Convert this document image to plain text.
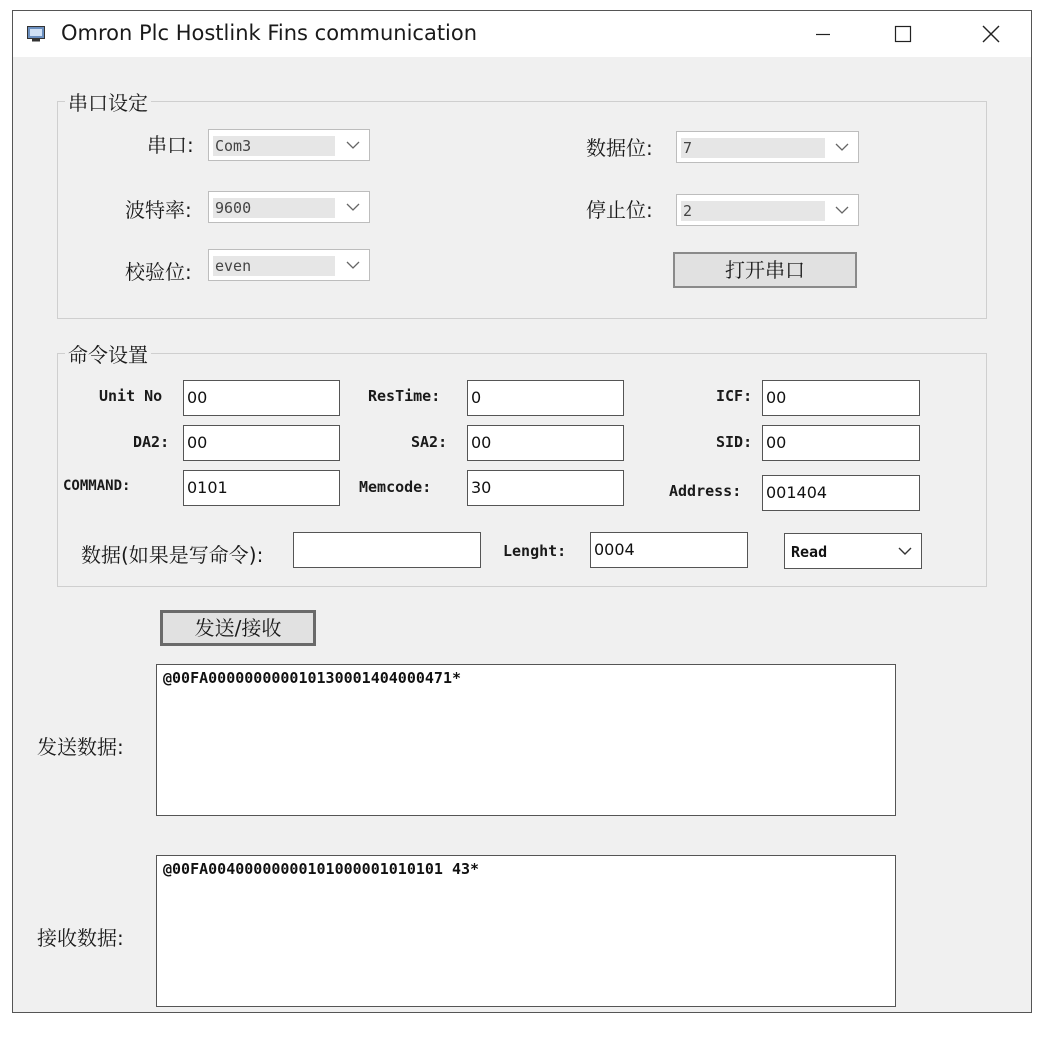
Omron Plc Hostlink Fins communication
串口设定
串口: Com3
波特率: 9600
校验位: even
数据位: 7
停止位: 2
打开串口
命令设置
Unit No 00	ResTime: 0	ICF: 00
DA2: 00	SA2: 00	SID: 00
COMMAND:	0101	Memcode: 30	Address: 001404
数据(如果是写命令):	Lenght: 0004	Read
发送/接收
发送数据:
@00FA000000000010130001404000471*
接收数据:
@00FA00400000000101000001010101 43*
